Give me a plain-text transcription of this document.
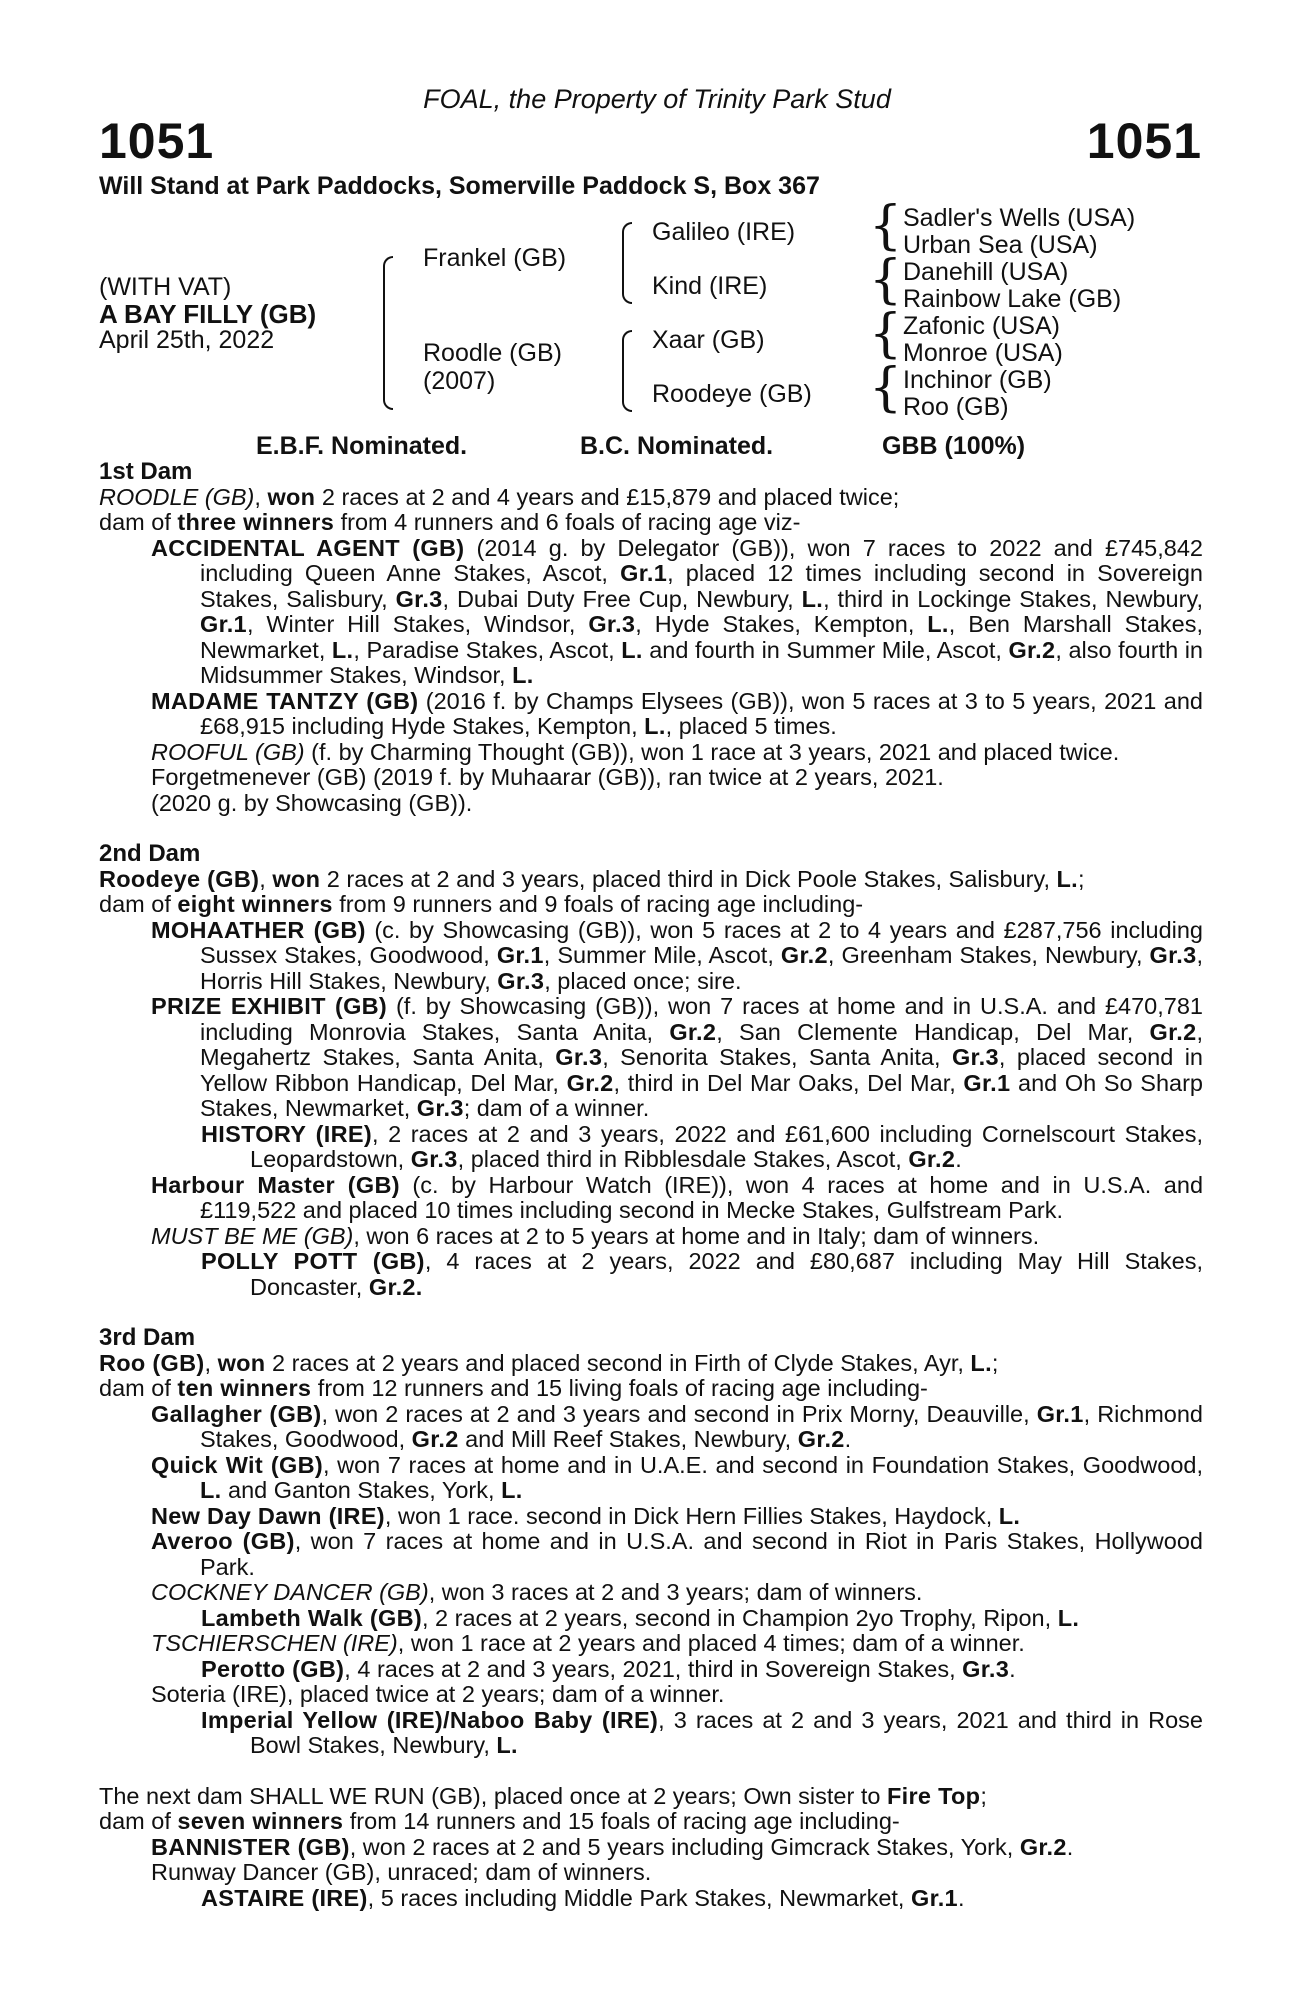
FOAL, the Property of Trinity Park Stud
1051	1051
Will Stand at Park Paddocks, Somerville Paddock S, Box 367
(WITH VAT)
A BAY FILLY (GB)
April 25th, 2022
Frankel (GB)
Roodle (GB)
(2007)
Galileo (IRE)
Kind (IRE)
Xaar (GB)
Roodeye (GB)
{
{
{
{
Sadler's Wells (USA)
Urban Sea (USA)
Danehill (USA)
Rainbow Lake (GB)
Zafonic (USA)
Monroe (USA)
Inchinor (GB)
Roo (GB)
E.B.F. Nominated.	B.C. Nominated.	GBB (100%)
1st Dam

ROODLE (GB), won 2 races at 2 and 4 years and £15,879 and placed twice;

dam of three winners from 4 runners and 6 foals of racing age viz-

ACCIDENTAL AGENT (GB) (2014 g. by Delegator (GB)), won 7 races to 2022 and £745,842 including Queen Anne Stakes, Ascot, Gr.1, placed 12 times including second in Sovereign Stakes, Salisbury, Gr.3, Dubai Duty Free Cup, Newbury, L., third in Lockinge Stakes, Newbury, Gr.1, Winter Hill Stakes, Windsor, Gr.3, Hyde Stakes, Kempton, L., Ben Marshall Stakes, Newmarket, L., Paradise Stakes, Ascot, L. and fourth in Summer Mile, Ascot, Gr.2, also fourth in Midsummer Stakes, Windsor, L.

MADAME TANTZY (GB) (2016 f. by Champs Elysees (GB)), won 5 races at 3 to 5 years, 2021 and £68,915 including Hyde Stakes, Kempton, L., placed 5 times.

ROOFUL (GB) (f. by Charming Thought (GB)), won 1 race at 3 years, 2021 and placed twice.

Forgetmenever (GB) (2019 f. by Muhaarar (GB)), ran twice at 2 years, 2021.

(2020 g. by Showcasing (GB)).

2nd Dam

Roodeye (GB), won 2 races at 2 and 3 years, placed third in Dick Poole Stakes, Salisbury, L.;

dam of eight winners from 9 runners and 9 foals of racing age including-

MOHAATHER (GB) (c. by Showcasing (GB)), won 5 races at 2 to 4 years and £287,756 including Sussex Stakes, Goodwood, Gr.1, Summer Mile, Ascot, Gr.2, Greenham Stakes, Newbury, Gr.3, Horris Hill Stakes, Newbury, Gr.3, placed once; sire.

PRIZE EXHIBIT (GB) (f. by Showcasing (GB)), won 7 races at home and in U.S.A. and £470,781 including Monrovia Stakes, Santa Anita, Gr.2, San Clemente Handicap, Del Mar, Gr.2, Megahertz Stakes, Santa Anita, Gr.3, Senorita Stakes, Santa Anita, Gr.3, placed second in Yellow Ribbon Handicap, Del Mar, Gr.2, third in Del Mar Oaks, Del Mar, Gr.1 and Oh So Sharp Stakes, Newmarket, Gr.3; dam of a winner.

HISTORY (IRE), 2 races at 2 and 3 years, 2022 and £61,600 including Cornelscourt Stakes, Leopardstown, Gr.3, placed third in Ribblesdale Stakes, Ascot, Gr.2.

Harbour Master (GB) (c. by Harbour Watch (IRE)), won 4 races at home and in U.S.A. and £119,522 and placed 10 times including second in Mecke Stakes, Gulfstream Park.

MUST BE ME (GB), won 6 races at 2 to 5 years at home and in Italy; dam of winners.

POLLY POTT (GB), 4 races at 2 years, 2022 and £80,687 including May Hill Stakes, Doncaster, Gr.2.

3rd Dam

Roo (GB), won 2 races at 2 years and placed second in Firth of Clyde Stakes, Ayr, L.;

dam of ten winners from 12 runners and 15 living foals of racing age including-

Gallagher (GB), won 2 races at 2 and 3 years and second in Prix Morny, Deauville, Gr.1, Richmond Stakes, Goodwood, Gr.2 and Mill Reef Stakes, Newbury, Gr.2.

Quick Wit (GB), won 7 races at home and in U.A.E. and second in Foundation Stakes, Goodwood, L. and Ganton Stakes, York, L.

New Day Dawn (IRE), won 1 race. second in Dick Hern Fillies Stakes, Haydock, L.

Averoo (GB), won 7 races at home and in U.S.A. and second in Riot in Paris Stakes, Hollywood Park.

COCKNEY DANCER (GB), won 3 races at 2 and 3 years; dam of winners.

Lambeth Walk (GB), 2 races at 2 years, second in Champion 2yo Trophy, Ripon, L.

TSCHIERSCHEN (IRE), won 1 race at 2 years and placed 4 times; dam of a winner.

Perotto (GB), 4 races at 2 and 3 years, 2021, third in Sovereign Stakes, Gr.3.

Soteria (IRE), placed twice at 2 years; dam of a winner.

Imperial Yellow (IRE)/Naboo Baby (IRE), 3 races at 2 and 3 years, 2021 and third in Rose Bowl Stakes, Newbury, L.

The next dam SHALL WE RUN (GB), placed once at 2 years; Own sister to Fire Top;

dam of seven winners from 14 runners and 15 foals of racing age including-

BANNISTER (GB), won 2 races at 2 and 5 years including Gimcrack Stakes, York, Gr.2.

Runway Dancer (GB), unraced; dam of winners.

ASTAIRE (IRE), 5 races including Middle Park Stakes, Newmarket, Gr.1.
